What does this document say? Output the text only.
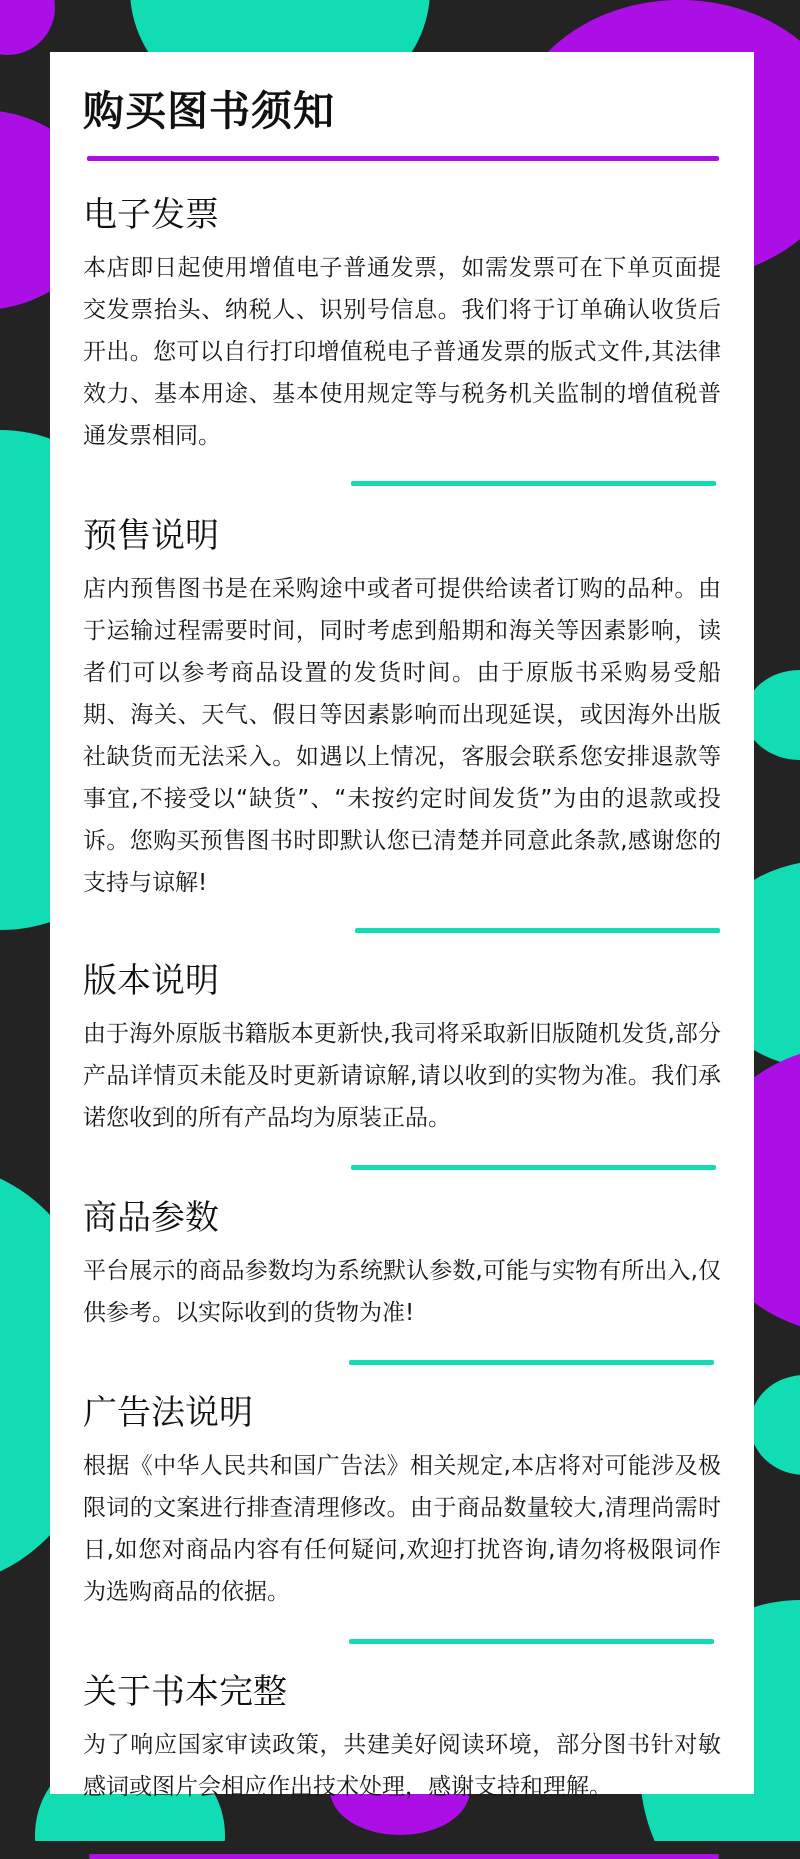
购买图书须知
电子发票

本店即日起使用增值电子普通发票，如需发票可在下单页面提交发票抬头、纳税人、识别号信息。我们将于订单确认收货后开出。您可以自行打印增值税电子普通发票的版式文件,其法律效力、基本用途、基本使用规定等与税务机关监制的增值税普通发票相同。

预售说明

店内预售图书是在采购途中或者可提供给读者订购的品种。由于运输过程需要时间，同时考虑到船期和海关等因素影响，读者们可以参考商品设置的发货时间。由于原版书采购易受船期、海关、天气、假日等因素影响而出现延误，或因海外出版社缺货而无法采入。如遇以上情况，客服会联系您安排退款等事宜,不接受以“缺货”、“未按约定时间发货”为由的退款或投诉。您购买预售图书时即默认您已清楚并同意此条款,感谢您的支持与谅解!

版本说明

由于海外原版书籍版本更新快,我司将采取新旧版随机发货,部分产品详情页未能及时更新请谅解,请以收到的实物为准。我们承诺您收到的所有产品均为原装正品。

商品参数

平台展示的商品参数均为系统默认参数,可能与实物有所出入,仅供参考。以实际收到的货物为准!

广告法说明

根据《中华人民共和国广告法》相关规定,本店将对可能涉及极限词的文案进行排查清理修改。由于商品数量较大,清理尚需时日,如您对商品内容有任何疑问,欢迎打扰咨询,请勿将极限词作为选购商品的依据。

关于书本完整

为了响应国家审读政策，共建美好阅读环境，部分图书针对敏感词或图片会相应作出技术处理，感谢支持和理解。
